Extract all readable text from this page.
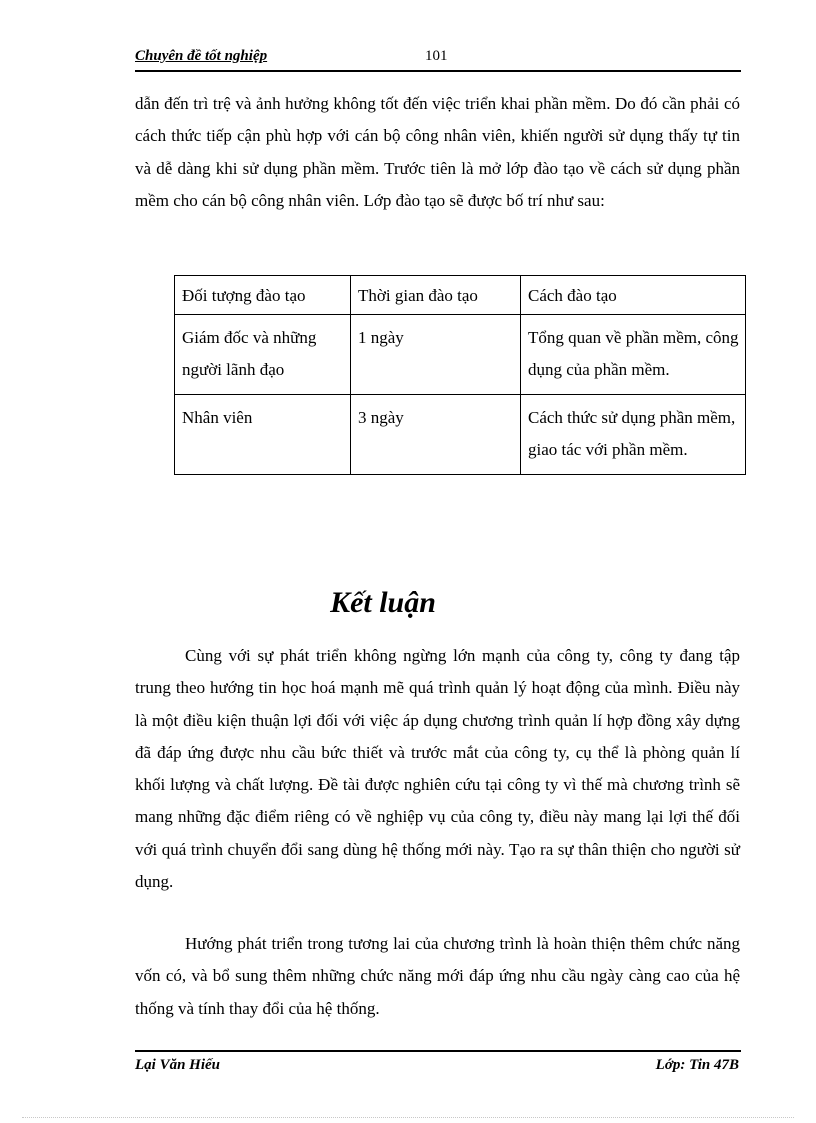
Chuyên đề tốt nghiệp	101
dẫn đến trì trệ và ảnh hưởng không tốt đến việc triển khai phần mềm. Do đó cần phải có cách thức tiếp cận phù hợp với cán bộ công nhân viên, khiến người sử dụng thấy tự tin và dễ dàng khi sử dụng phần mềm. Trước tiên là mở lớp đào tạo về cách sử dụng phần mềm cho cán bộ công nhân viên. Lớp đào tạo sẽ được bố trí như sau:
Đối tượng đào tạo	Thời gian đào tạo	Cách đào tạo
Giám đốc và những người lãnh đạo	1 ngày	Tổng quan về phần mềm, công dụng của phần mềm.
Nhân viên	3 ngày	Cách thức sử dụng phần mềm, giao tác với phần mềm.
Kết luận
Cùng với sự phát triển không ngừng lớn mạnh của công ty, công ty đang tập trung theo hướng tin học hoá mạnh mẽ quá trình quản lý hoạt động của mình. Điều này là một điều kiện thuận lợi đối với việc áp dụng chương trình quản lí hợp đồng xây dựng đã đáp ứng được nhu cầu bức thiết và trước mắt của công ty, cụ thể là phòng quản lí khối lượng và chất lượng. Đề tài được nghiên cứu tại công ty vì thế mà chương trình sẽ mang những đặc điểm riêng có về nghiệp vụ của công ty, điều này mang lại lợi thế đối với quá trình chuyển đổi sang dùng hệ thống mới này. Tạo ra sự thân thiện cho người sử dụng.
Hướng phát triển trong tương lai của chương trình là hoàn thiện thêm chức năng vốn có, và bổ sung thêm những chức năng mới đáp ứng nhu cầu ngày càng cao của hệ thống và tính thay đổi của hệ thống.
Lại Văn Hiếu	Lớp: Tin 47B
